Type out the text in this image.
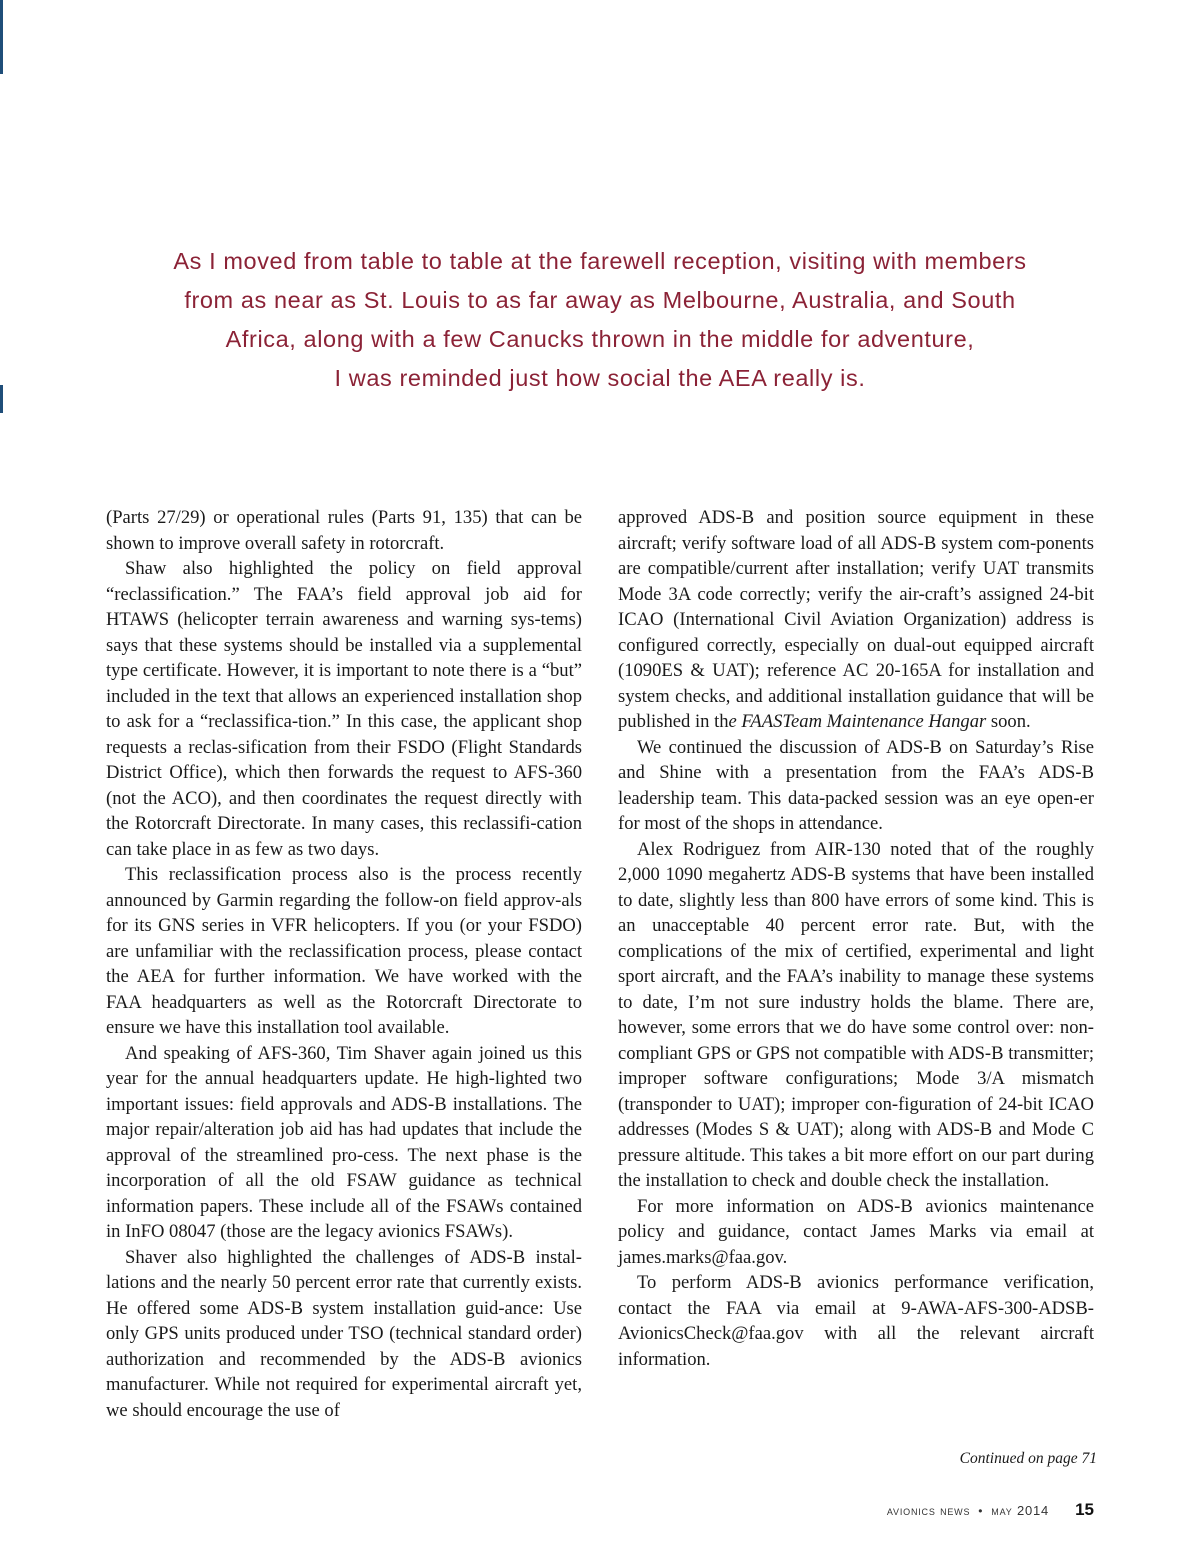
As I moved from table to table at the farewell reception, visiting with members
from as near as St. Louis to as far away as Melbourne, Australia, and South
Africa, along with a few Canucks thrown in the middle for adventure,
I was reminded just how social the AEA really is.

(Parts 27/29) or operational rules (Parts 91, 135) that can be shown to improve overall safety in rotorcraft.

Shaw also highlighted the policy on field approval “reclassification.” The FAA’s field approval job aid for HTAWS (helicopter terrain awareness and warning sys-tems) says that these systems should be installed via a supplemental type certificate. However, it is important to note there is a “but” included in the text that allows an experienced installation shop to ask for a “reclassifica-tion.” In this case, the applicant shop requests a reclas-sification from their FSDO (Flight Standards District Office), which then forwards the request to AFS-360 (not the ACO), and then coordinates the request directly with the Rotorcraft Directorate. In many cases, this reclassifi-cation can take place in as few as two days.

This reclassification process also is the process recently announced by Garmin regarding the follow-on field approv-als for its GNS series in VFR helicopters. If you (or your FSDO) are unfamiliar with the reclassification process, please contact the AEA for further information. We have worked with the FAA headquarters as well as the Rotorcraft Directorate to ensure we have this installation tool available.

And speaking of AFS-360, Tim Shaver again joined us this year for the annual headquarters update. He high-lighted two important issues: field approvals and ADS-B installations. The major repair/alteration job aid has had updates that include the approval of the streamlined pro-cess. The next phase is the incorporation of all the old FSAW guidance as technical information papers. These include all of the FSAWs contained in InFO 08047 (those are the legacy avionics FSAWs).

Shaver also highlighted the challenges of ADS-B instal-lations and the nearly 50 percent error rate that currently exists. He offered some ADS-B system installation guid-ance: Use only GPS units produced under TSO (technical standard order) authorization and recommended by the ADS-B avionics manufacturer. While not required for experimental aircraft yet, we should encourage the use of

approved ADS-B and position source equipment in these aircraft; verify software load of all ADS-B system com-ponents are compatible/current after installation; verify UAT transmits Mode 3A code correctly; verify the air-craft’s assigned 24-bit ICAO (International Civil Aviation Organization) address is configured correctly, especially on dual-out equipped aircraft (1090ES & UAT); reference AC 20-165A for installation and system checks, and additional installation guidance that will be published in the FAASTeam Maintenance Hangar soon.

We continued the discussion of ADS-B on Saturday’s Rise and Shine with a presentation from the FAA’s ADS-B leadership team. This data-packed session was an eye open-er for most of the shops in attendance.

Alex Rodriguez from AIR-130 noted that of the roughly 2,000 1090 megahertz ADS-B systems that have been installed to date, slightly less than 800 have errors of some kind. This is an unacceptable 40 percent error rate. But, with the complications of the mix of certified, experimental and light sport aircraft, and the FAA’s inability to manage these systems to date, I’m not sure industry holds the blame. There are, however, some errors that we do have some control over: non-compliant GPS or GPS not compatible with ADS-B transmitter; improper software configurations; Mode 3/A mismatch (transponder to UAT); improper con-figuration of 24-bit ICAO addresses (Modes S & UAT); along with ADS-B and Mode C pressure altitude. This takes a bit more effort on our part during the installation to check and double check the installation.

For more information on ADS-B avionics maintenance policy and guidance, contact James Marks via email at james.marks@faa.gov.

To perform ADS-B avionics performance verification, contact the FAA via email at 9-AWA-AFS-300-ADSB-AvionicsCheck@faa.gov with all the relevant aircraft information.

Continued on page 71
avionics news • may 2014 15
